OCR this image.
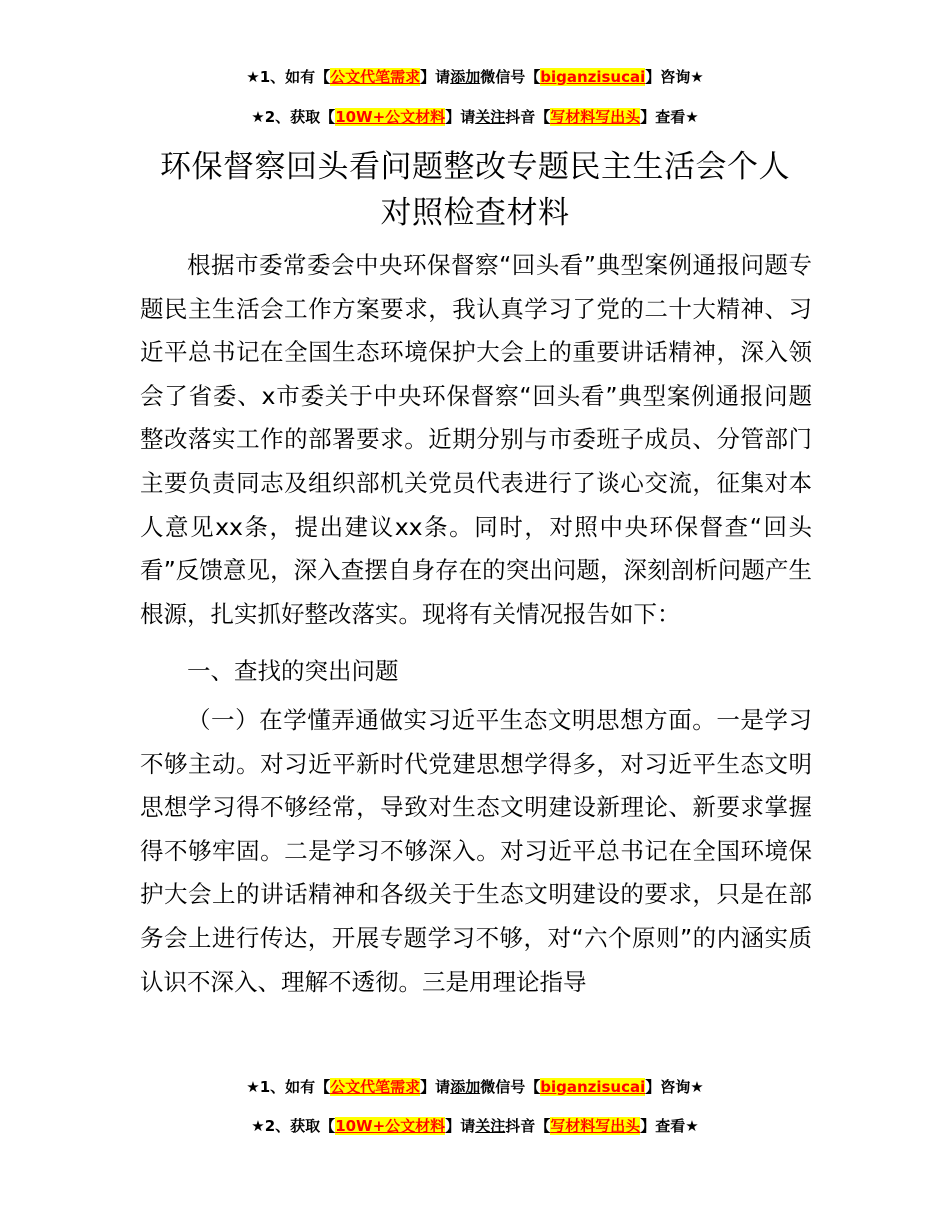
★1、如有【公文代笔需求】请添加微信号【biganzisucai】咨询★
★2、获取【10W+公文材料】请关注抖音【写材料写出头】查看★
环保督察回头看问题整改专题民主生活会个人
对照检查材料

根据市委常委会中央环保督察“回头看”典型案例通报问题专题民主生活会工作方案要求，我认真学习了党的二十大精神、习近平总书记在全国生态环境保护大会上的重要讲话精神，深入领会了省委、x市委关于中央环保督察“回头看”典型案例通报问题整改落实工作的部署要求。近期分别与市委班子成员、分管部门主要负责同志及组织部机关党员代表进行了谈心交流，征集对本人意见xx条，提出建议xx条。同时，对照中央环保督查“回头看”反馈意见，深入查摆自身存在的突出问题，深刻剖析问题产生根源，扎实抓好整改落实。现将有关情况报告如下：

一、查找的突出问题

（一）在学懂弄通做实习近平生态文明思想方面。一是学习不够主动。对习近平新时代党建思想学得多，对习近平生态文明思想学习得不够经常，导致对生态文明建设新理论、新要求掌握得不够牢固。二是学习不够深入。对习近平总书记在全国环境保护大会上的讲话精神和各级关于生态文明建设的要求，只是在部务会上进行传达，开展专题学习不够，对“六个原则”的内涵实质认识不深入、理解不透彻。三是用理论指导

★1、如有【公文代笔需求】请添加微信号【biganzisucai】咨询★
★2、获取【10W+公文材料】请关注抖音【写材料写出头】查看★
